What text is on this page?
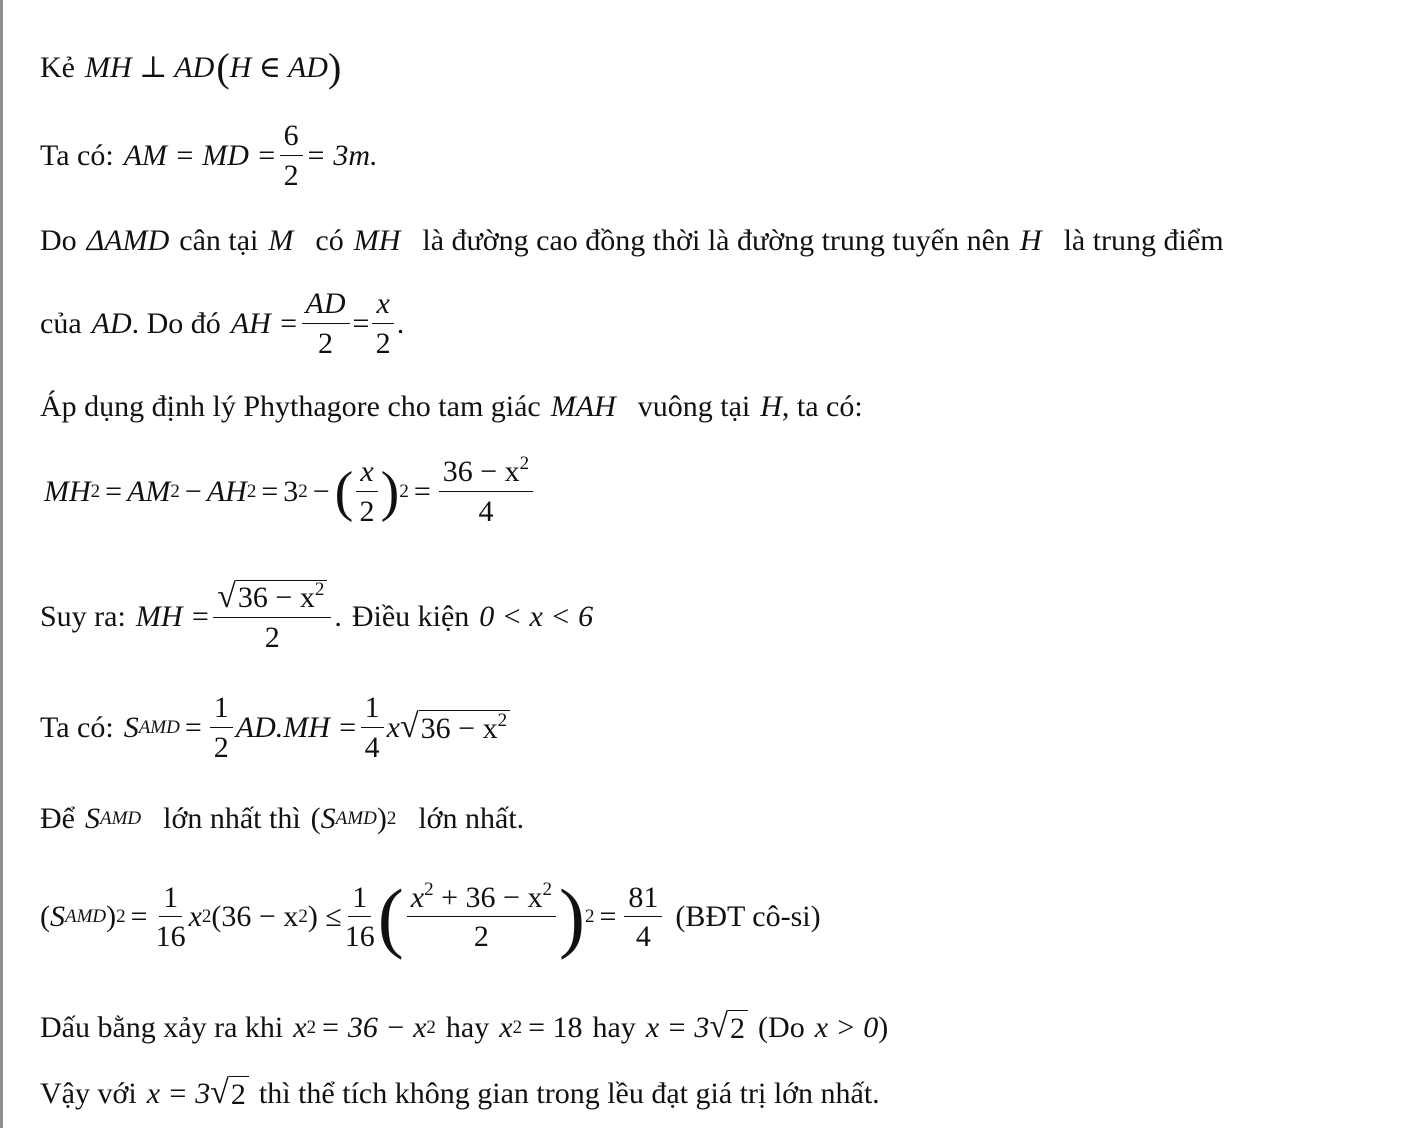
Kẻ MH ⊥ AD ( H ∈ AD )
Ta có: AM = MD = $\frac{6}{2} = 3m$.
Do ΔAMD cân tại M có MH là đường cao đồng thời là đường trung tuyến nên H là trung điểm
của AD . Do đó AH = $\frac{AD}{2} = \frac{x}{2}$ .
Áp dụng định lý Phythagore cho tam giác MAH vuông tại H , ta có:
MH 2 = AM 2 − AH 2 = 3 2 − ( $\frac{x}{2}$ ) $2 = \frac{36 - x^2}{4}$
Suy ra: MH = $\frac{√ 36 - x^2}{2}$ . Điều kiện 0 < x < 6
Ta có: S AMD = $\frac{1}{2} AD.MH = \frac{1}{4}$ x √ $36 - x^2$
Để S AMD lớn nhất thì ( S AMD ) 2 lớn nhất.
( S AMD ) $2 = \frac{1}{16}$ x 2 (36 − x 2 ) ≤ $\frac{1}{16}$ ( $\frac{x^2 + 36 - x^2}{2}$ ) $2 = \frac{81}{4}$ (BĐT cô-si)
Dấu bằng xảy ra khi x 2 = 36 − x 2 hay x 2 = 18 hay x = 3 √ 2 (Do x > 0 )
Vậy với x = 3 √ 2 thì thể tích không gian trong lều đạt giá trị lớn nhất.
